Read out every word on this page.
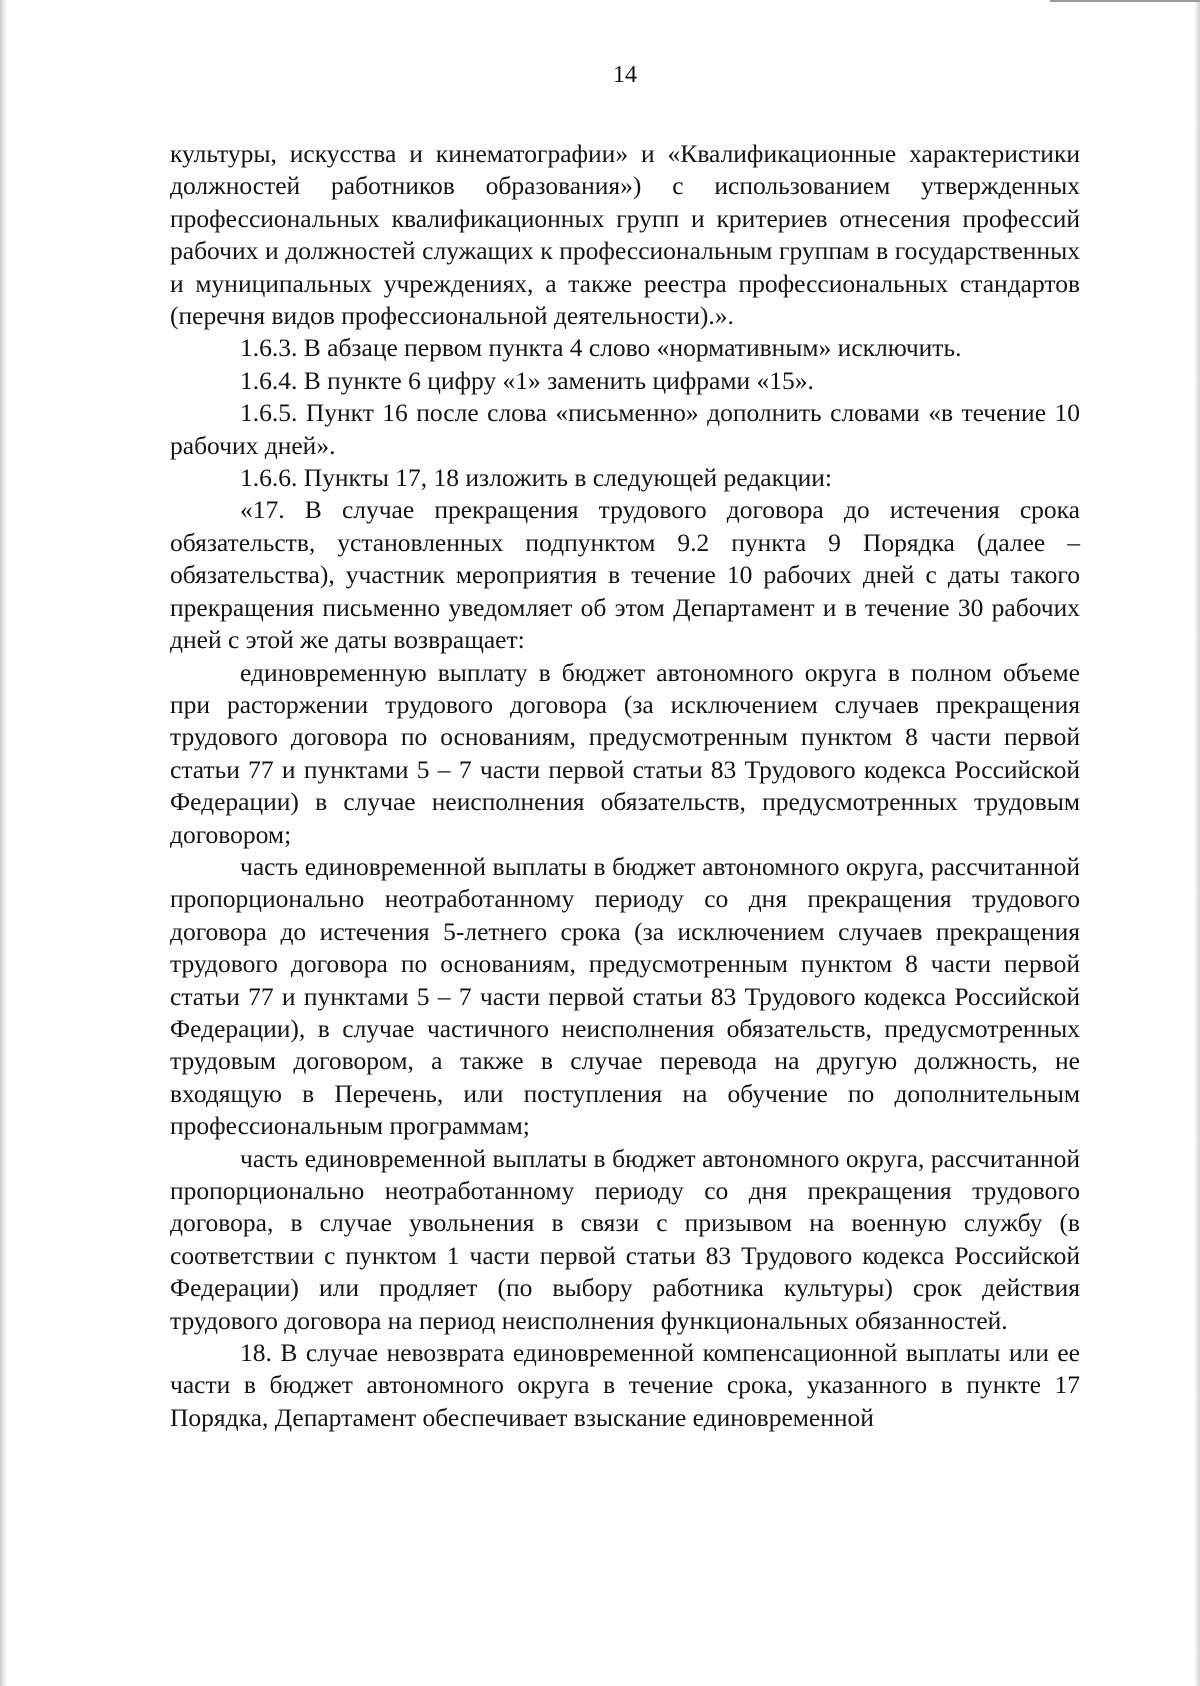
14

культуры, искусства и кинематографии» и «Квалификационные характеристики должностей работников образования») с использованием утвержденных профессиональных квалификационных групп и критериев отнесения профессий рабочих и должностей служащих к профессиональным группам в государственных и муниципальных учреждениях, а также реестра профессиональных стандартов (перечня видов профессиональной деятельности).».

1.6.3. В абзаце первом пункта 4 слово «нормативным» исключить.

1.6.4. В пункте 6 цифру «1» заменить цифрами «15».

1.6.5. Пункт 16 после слова «письменно» дополнить словами «в течение 10 рабочих дней».

1.6.6. Пункты 17, 18 изложить в следующей редакции:

«17. В случае прекращения трудового договора до истечения срока обязательств, установленных подпунктом 9.2 пункта 9 Порядка (далее – обязательства), участник мероприятия в течение 10 рабочих дней с даты такого прекращения письменно уведомляет об этом Департамент и в течение 30 рабочих дней с этой же даты возвращает:

единовременную выплату в бюджет автономного округа в полном объеме при расторжении трудового договора (за исключением случаев прекращения трудового договора по основаниям, предусмотренным пунктом 8 части первой статьи 77 и пунктами 5 – 7 части первой статьи 83 Трудового кодекса Российской Федерации) в случае неисполнения обязательств, предусмотренных трудовым договором;

часть единовременной выплаты в бюджет автономного округа, рассчитанной пропорционально неотработанному периоду со дня прекращения трудового договора до истечения 5-летнего срока (за исключением случаев прекращения трудового договора по основаниям, предусмотренным пунктом 8 части первой статьи 77 и пунктами 5 – 7 части первой статьи 83 Трудового кодекса Российской Федерации), в случае частичного неисполнения обязательств, предусмотренных трудовым договором, а также в случае перевода на другую должность, не входящую в Перечень, или поступления на обучение по дополнительным профессиональным программам;

часть единовременной выплаты в бюджет автономного округа, рассчитанной пропорционально неотработанному периоду со дня прекращения трудового договора, в случае увольнения в связи с призывом на военную службу (в соответствии с пунктом 1 части первой статьи 83 Трудового кодекса Российской Федерации) или продляет (по выбору работника культуры) срок действия трудового договора на период неисполнения функциональных обязанностей.

18. В случае невозврата единовременной компенсационной выплаты или ее части в бюджет автономного округа в течение срока, указанного в пункте 17 Порядка, Департамент обеспечивает взыскание единовременной
